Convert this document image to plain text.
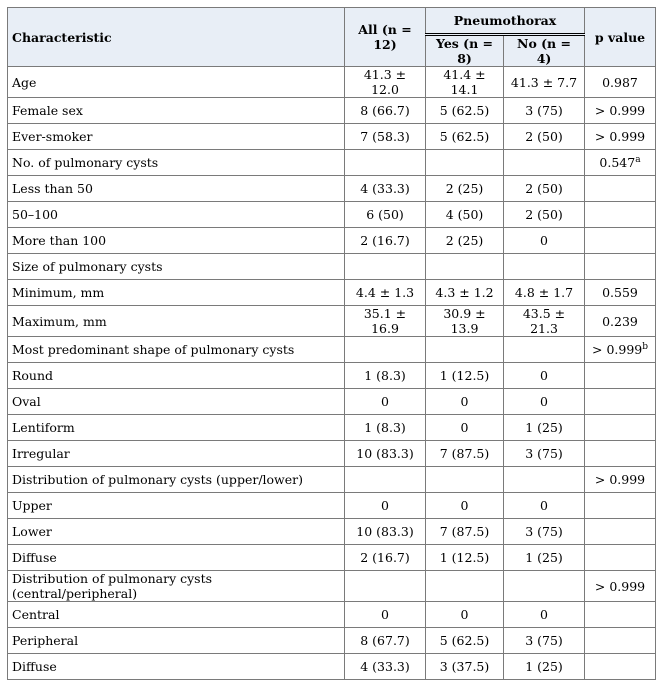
Characteristic	All (n = 12)	Pneumothorax		p value
		Yes (n = 8)	No (n = 4)	
Age	41.3 ± 12.0	41.4 ± 14.1	41.3 ± 7.7	0.987
Female sex	8 (66.7)	5 (62.5)	3 (75)	> 0.999
Ever-smoker	7 (58.3)	5 (62.5)	2 (50)	> 0.999
No. of pulmonary cysts				0.547$^a$
Less than 50	4 (33.3)	2 (25)	2 (50)	
50–100	6 (50)	4 (50)	2 (50)	
More than 100	2 (16.7)	2 (25)	0	
Size of pulmonary cysts				
Minimum, mm	4.4 ± 1.3	4.3 ± 1.2	4.8 ± 1.7	0.559
Maximum, mm	35.1 ± 16.9	30.9 ± 13.9	43.5 ± 21.3	0.239
Most predominant shape of pulmonary cysts				> 0.999$^b$
Round	1 (8.3)	1 (12.5)	0	
Oval	0	0	0	
Lentiform	1 (8.3)	0	1 (25)	
Irregular	10 (83.3)	7 (87.5)	3 (75)	
Distribution of pulmonary cysts (upper/lower)				> 0.999
Upper	0	0	0	
Lower	10 (83.3)	7 (87.5)	3 (75)	
Diffuse	2 (16.7)	1 (12.5)	1 (25)	
Distribution of pulmonary cysts (central/peripheral)				> 0.999
Central	0	0	0	
Peripheral	8 (67.7)	5 (62.5)	3 (75)	
Diffuse	4 (33.3)	3 (37.5)	1 (25)	
